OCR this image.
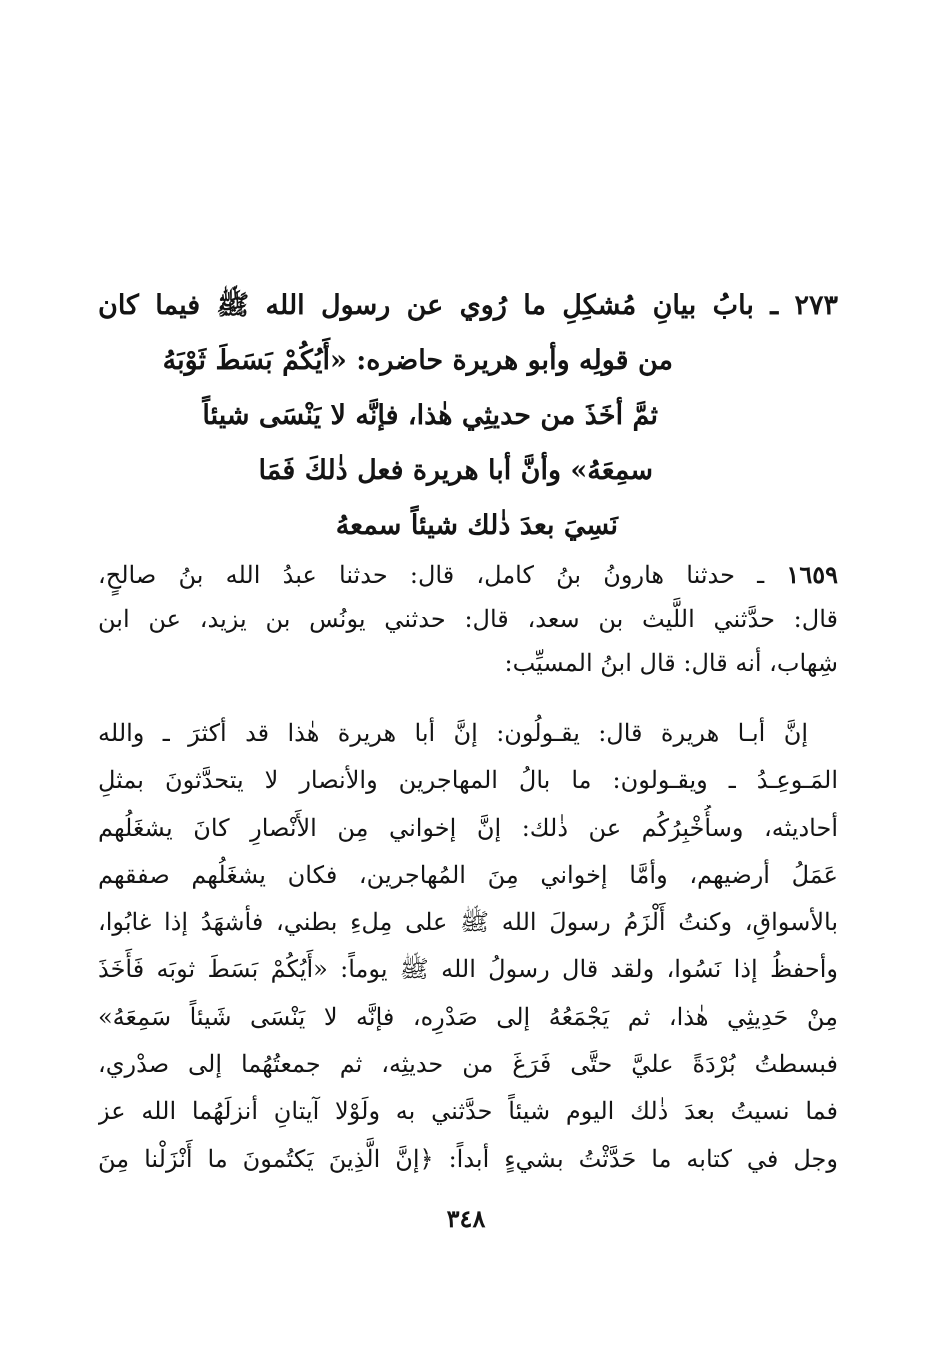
٢٧٣ ـ بابُ بيانِ مُشكِلِ ما رُوي عن رسول الله ﷺ فيما كان
من قولِه وأبو هريرة حاضره: «أَيُكُمْ بَسَطَ ثَوْبَهُ
ثمَّ أخَذَ من حديثِي هٰذا، فإنَّه لا يَنْسَى شيئاً
سمِعَهُ» وأنَّ أبا هريرة فعل ذٰلكَ فَمَا
نَسِيَ بعدَ ذٰلك شيئاً سمعهُ
١٦٥٩ ـ حدثنا هارونُ بنُ كامل، قال: حدثنا عبدُ الله بنُ صالحٍ،
قال: حدَّثني اللَّيث بن سعد، قال: حدثني يونُس بن يزيد، عن ابن
شِهاب، أنه قال: قال ابنُ المسيِّب:
إنَّ أبـا هريرة قال: يقـولُون: إنَّ أبا هريرة هٰذا قد أكثرَ ـ والله
المَـوعِـدُ ـ ويقـولون: ما بالُ المهاجرين والأنصار لا يتحدَّثونَ بمثلِ
أحاديثه، وسأُخْبِرُكُم عن ذٰلك: إنَّ إخواني مِن الأَنْصارِ كانَ يشغَلُهم
عَمَلُ أرضيهم، وأمَّا إخواني مِنَ المُهاجرين، فكان يشغَلُهم صفقهم
بالأسواقِ، وكنتُ أَلْزَمُ رسولَ الله ﷺ على مِلءِ بطني، فأشهَدُ إذا غابُوا،
وأحفظُ إذا نَسُوا، ولقد قال رسولُ الله ﷺ يوماً: «أَيُكُمْ بَسَطَ ثوبَه فَأَخَذَ
مِنْ حَدِيثِي هٰذا، ثم يَجْمَعُهُ إلى صَدْرِه، فإنَّه لا يَنْسَى شَيئاً سَمِعَهُ»
فبسطتُ بُرْدَةً عليَّ حتَّى فَرَغَ من حديثِه، ثم جمعتُهُما إلى صدْري،
فما نسيتُ بعدَ ذٰلك اليوم شيئاً حدَّثني به ولَوْلا آيتانِ أنزلَهُما الله عز
وجل في كتابه ما حَدَّثْتُ بشيءٍ أبداً: ﴿إنَّ الَّذِينَ يَكتُمونَ ما أَنْزَلْنا مِنَ
٣٤٨
